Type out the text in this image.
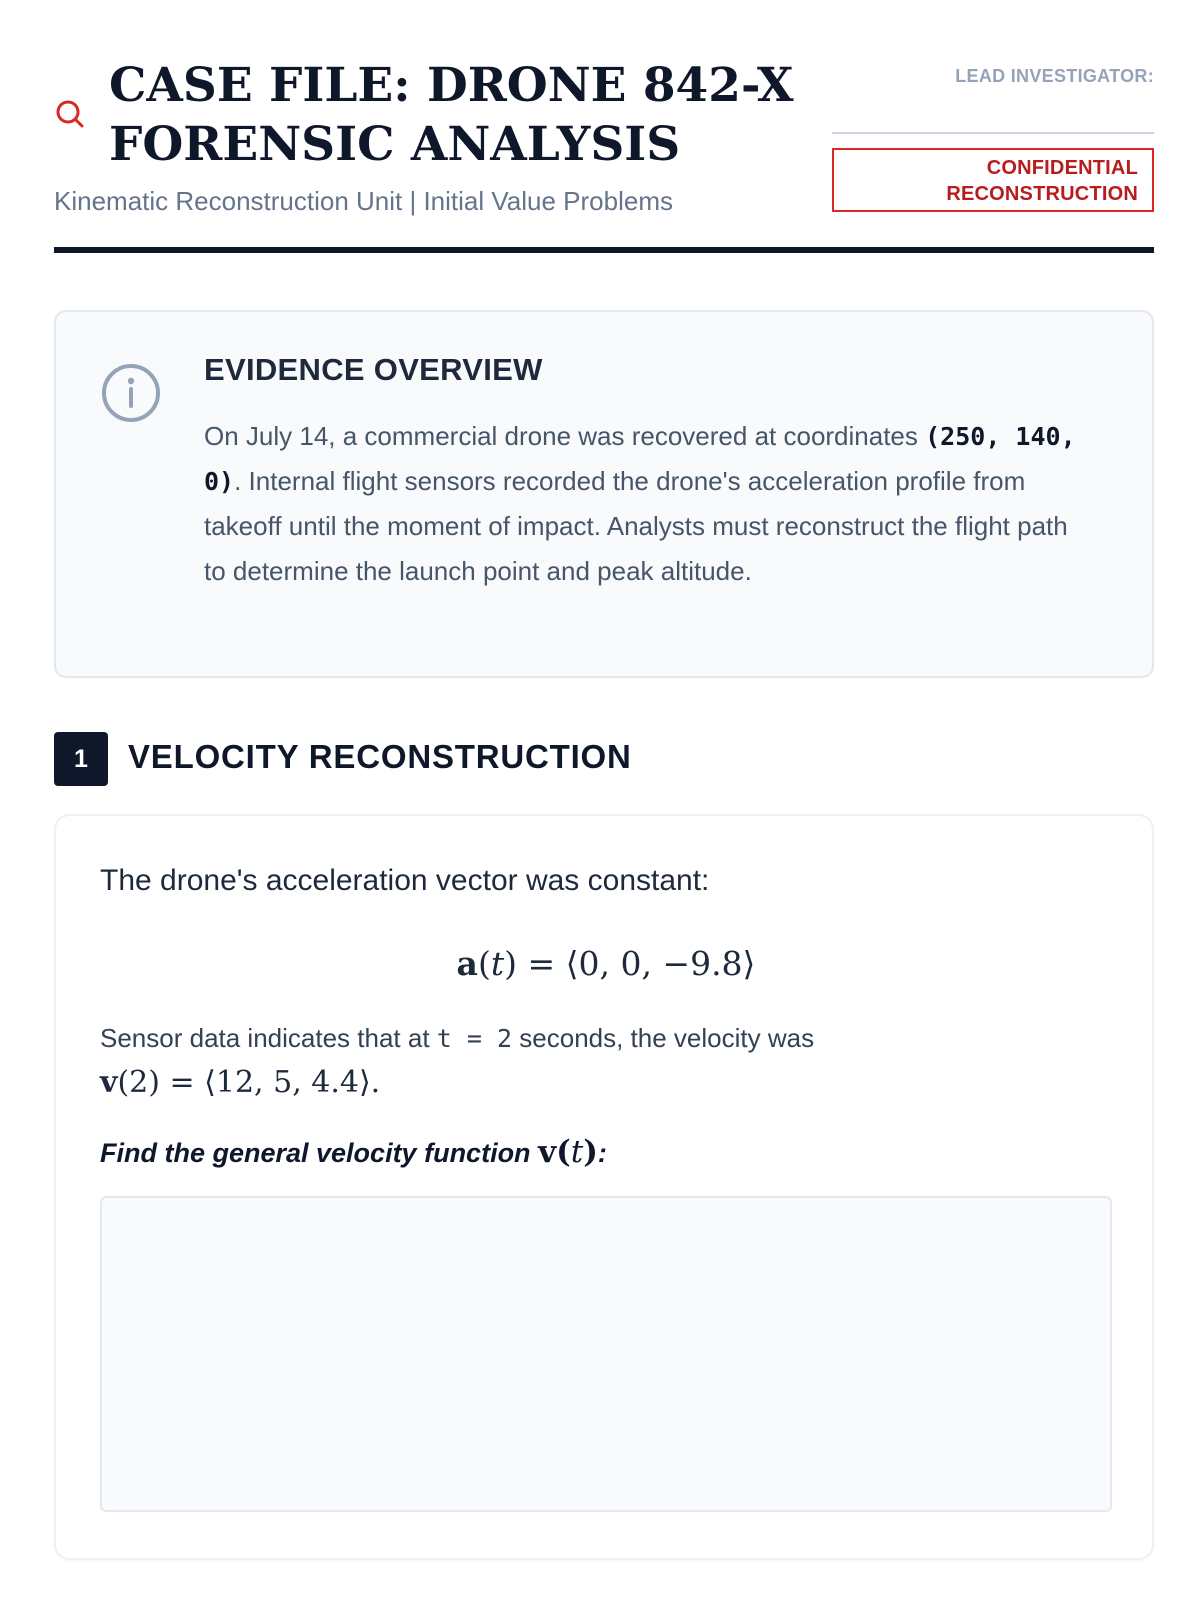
CASE FILE: DRONE 842-X
FORENSIC ANALYSIS
Kinematic Reconstruction Unit | Initial Value Problems
LEAD INVESTIGATOR:
CONFIDENTIAL
RECONSTRUCTION
EVIDENCE OVERVIEW

On July 14, a commercial drone was recovered at coordinates (250, 140, 0). Internal flight sensors recorded the drone's acceleration profile from takeoff until the moment of impact. Analysts must reconstruct the flight path to determine the launch point and peak altitude.

1	VELOCITY RECONSTRUCTION
The drone's acceleration vector was constant:
a(t) = ⟨0, 0, −9.8⟩

Sensor data indicates that at t = 2 seconds, the velocity was
v(2) = ⟨12, 5, 4.4⟩.

Find the general velocity function v(t):
